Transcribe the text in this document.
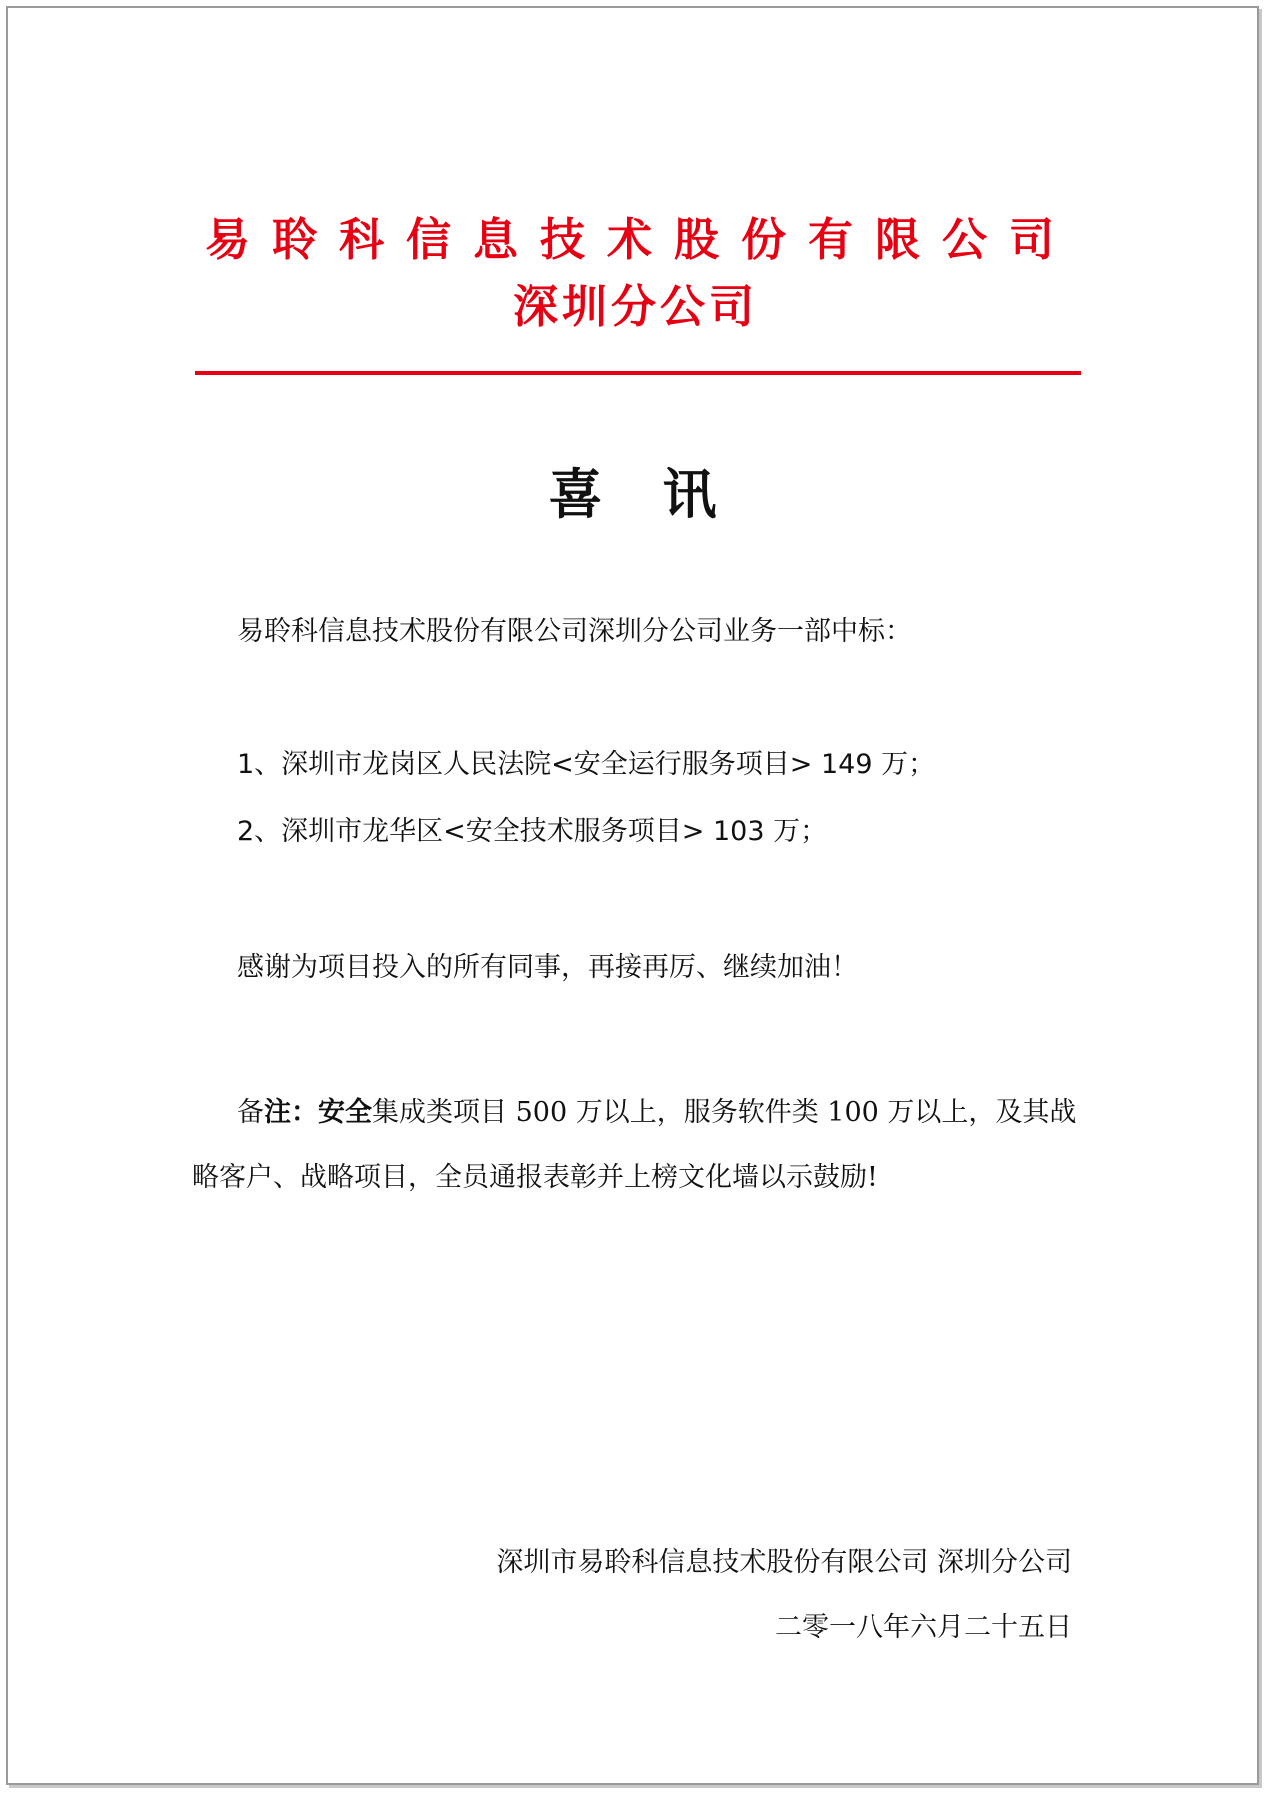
易聆科信息技术股份有限公司
深圳分公司
喜 讯
易聆科信息技术股份有限公司深圳分公司业务一部中标：
1、深圳市龙岗区人民法院<安全运行服务项目> 149 万；
2、深圳市龙华区<安全技术服务项目> 103 万；
感谢为项目投入的所有同事，再接再厉、继续加油！
备注：安全集成类项目 500 万以上，服务软件类 100 万以上，及其战略客户、战略项目，全员通报表彰并上榜文化墙以示鼓励!
深圳市易聆科信息技术股份有限公司 深圳分公司
二零一八年六月二十五日
